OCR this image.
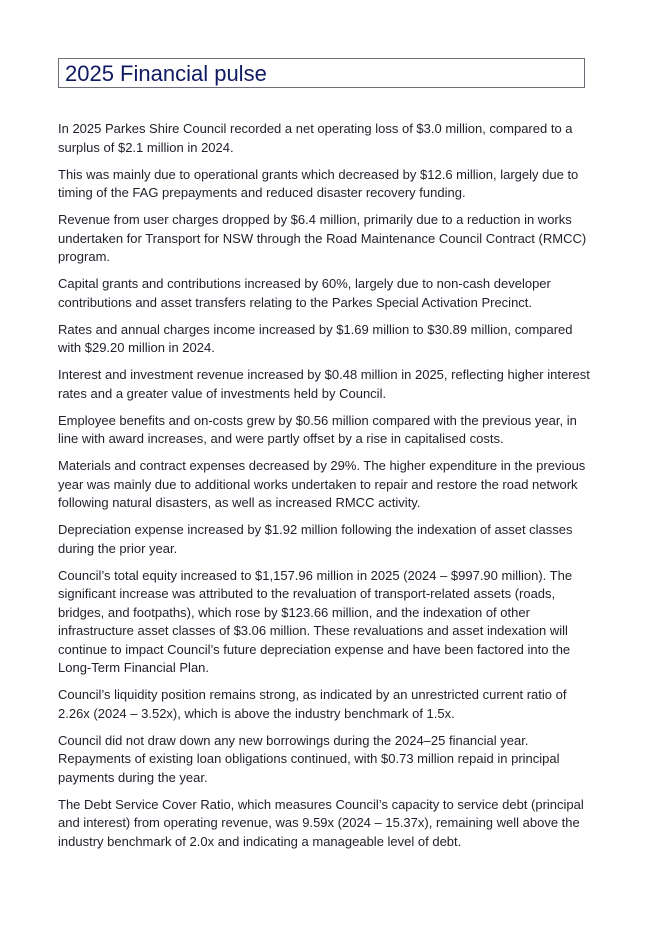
2025 Financial pulse

In 2025 Parkes Shire Council recorded a net operating loss of $3.0 million, compared to a surplus of $2.1 million in 2024.

This was mainly due to operational grants which decreased by $12.6 million, largely due to timing of the FAG prepayments and reduced disaster recovery funding.

Revenue from user charges dropped by $6.4 million, primarily due to a reduction in works undertaken for Transport for NSW through the Road Maintenance Council Contract (RMCC) program.

Capital grants and contributions increased by 60%, largely due to non-cash developer contributions and asset transfers relating to the Parkes Special Activation Precinct.

Rates and annual charges income increased by $1.69 million to $30.89 million, compared with $29.20 million in 2024.

Interest and investment revenue increased by $0.48 million in 2025, reflecting higher interest rates and a greater value of investments held by Council.

Employee benefits and on-costs grew by $0.56 million compared with the previous year, in line with award increases, and were partly offset by a rise in capitalised costs.

Materials and contract expenses decreased by 29%. The higher expenditure in the previous year was mainly due to additional works undertaken to repair and restore the road network following natural disasters, as well as increased RMCC activity.

Depreciation expense increased by $1.92 million following the indexation of asset classes during the prior year.

Council’s total equity increased to $1,157.96 million in 2025 (2024 – $997.90 million). The significant increase was attributed to the revaluation of transport-related assets (roads, bridges, and footpaths), which rose by $123.66 million, and the indexation of other infrastructure asset classes of $3.06 million. These revaluations and asset indexation will continue to impact Council’s future depreciation expense and have been factored into the Long-Term Financial Plan.

Council’s liquidity position remains strong, as indicated by an unrestricted current ratio of 2.26x (2024 – 3.52x), which is above the industry benchmark of 1.5x.

Council did not draw down any new borrowings during the 2024–25 financial year. Repayments of existing loan obligations continued, with $0.73 million repaid in principal payments during the year.

The Debt Service Cover Ratio, which measures Council’s capacity to service debt (principal and interest) from operating revenue, was 9.59x (2024 – 15.37x), remaining well above the industry benchmark of 2.0x and indicating a manageable level of debt.
